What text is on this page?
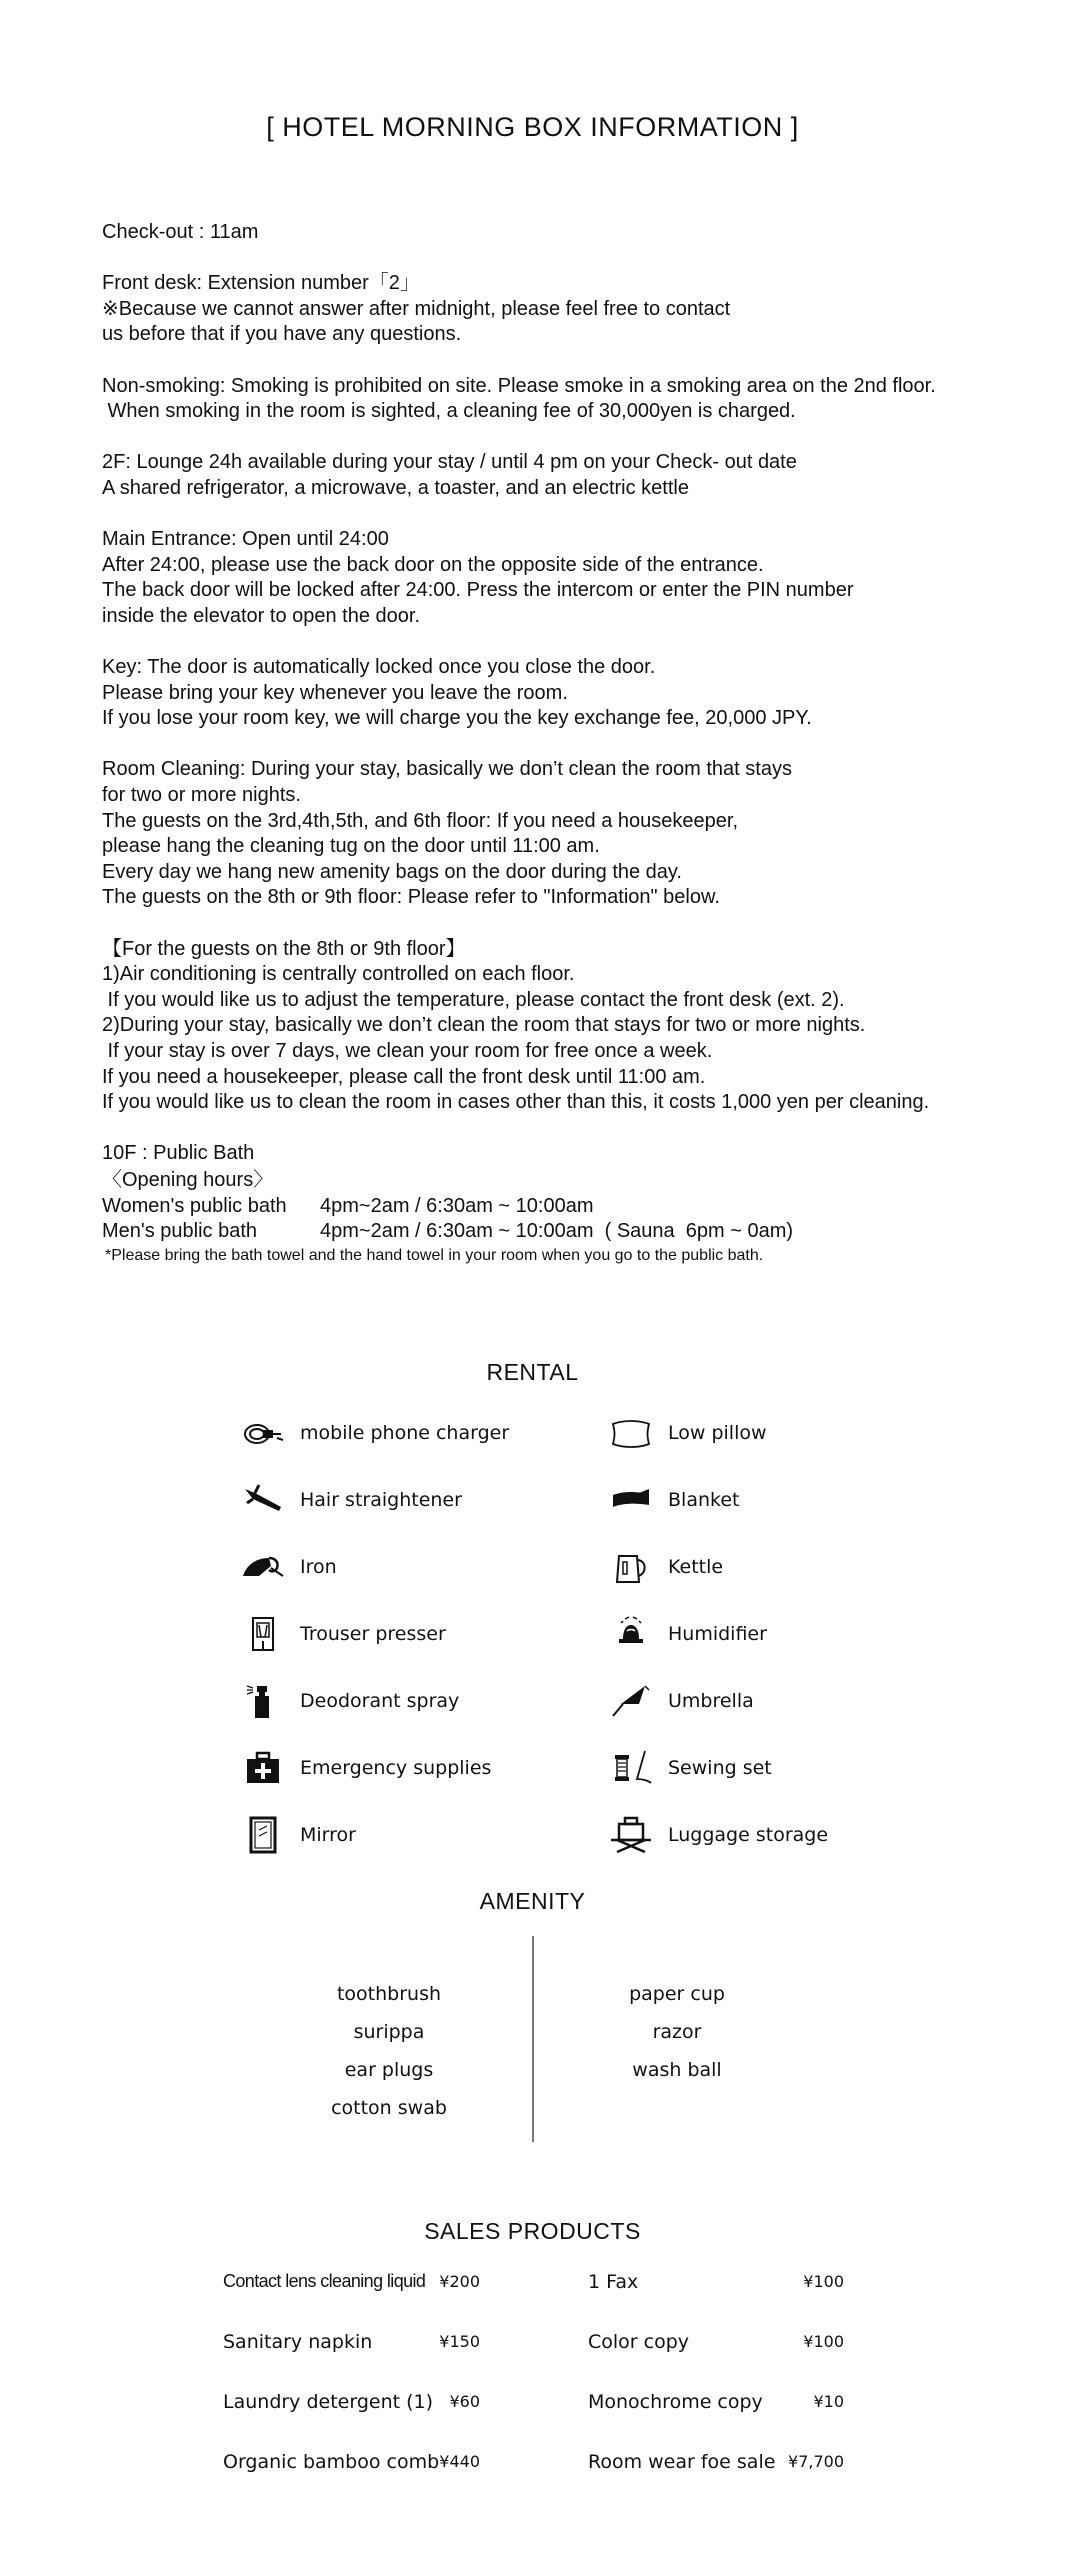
[ HOTEL MORNING BOX INFORMATION ]
Check-out : 11am
Front desk: Extension number「2」
※Because we cannot answer after midnight, please feel free to contact
us before that if you have any questions.
Non-smoking: Smoking is prohibited on site. Please smoke in a smoking area on the 2nd floor.
When smoking in the room is sighted, a cleaning fee of 30,000yen is charged.
2F: Lounge 24h available during your stay / until 4 pm on your Check- out date
A shared refrigerator, a microwave, a toaster, and an electric kettle
Main Entrance: Open until 24:00
After 24:00, please use the back door on the opposite side of the entrance.
The back door will be locked after 24:00. Press the intercom or enter the PIN number
inside the elevator to open the door.
Key: The door is automatically locked once you close the door.
Please bring your key whenever you leave the room.
If you lose your room key, we will charge you the key exchange fee, 20,000 JPY.
Room Cleaning: During your stay, basically we don’t clean the room that stays
for two or more nights.
The guests on the 3rd,4th,5th, and 6th floor: If you need a housekeeper,
please hang the cleaning tug on the door until 11:00 am.
Every day we hang new amenity bags on the door during the day.
The guests on the 8th or 9th floor: Please refer to "Information" below.
【For the guests on the 8th or 9th floor】
1)Air conditioning is centrally controlled on each floor.
If you would like us to adjust the temperature, please contact the front desk (ext. 2).
2)During your stay, basically we don’t clean the room that stays for two or more nights.
If your stay is over 7 days, we clean your room for free once a week.
If you need a housekeeper, please call the front desk until 11:00 am.
If you would like us to clean the room in cases other than this, it costs 1,000 yen per cleaning.
10F : Public Bath
〈Opening hours〉
Women's public bath	4pm~2am / 6:30am ~ 10:00am
Men's public bath	4pm~2am / 6:30am ~ 10:00am  ( Sauna  6pm ~ 0am)
*Please bring the bath towel and the hand towel in your room when you go to the public bath.
RENTAL
mobile phone charger
Hair straightener
Iron
Trouser presser
Deodorant spray
Emergency supplies
Mirror
Low pillow
Blanket
Kettle
Humidifier
Umbrella
Sewing set
Luggage storage
AMENITY
toothbrush
surippa
ear plugs
cotton swab
paper cup
razor
wash ball
SALES PRODUCTS
Contact lens cleaning liquid ¥200
Sanitary napkin	¥150
Laundry detergent (1)	¥60
Organic bamboo comb ¥440
1 Fax	¥100
Color copy	¥100
Monochrome copy	¥10
Room wear foe sale ¥7,700
